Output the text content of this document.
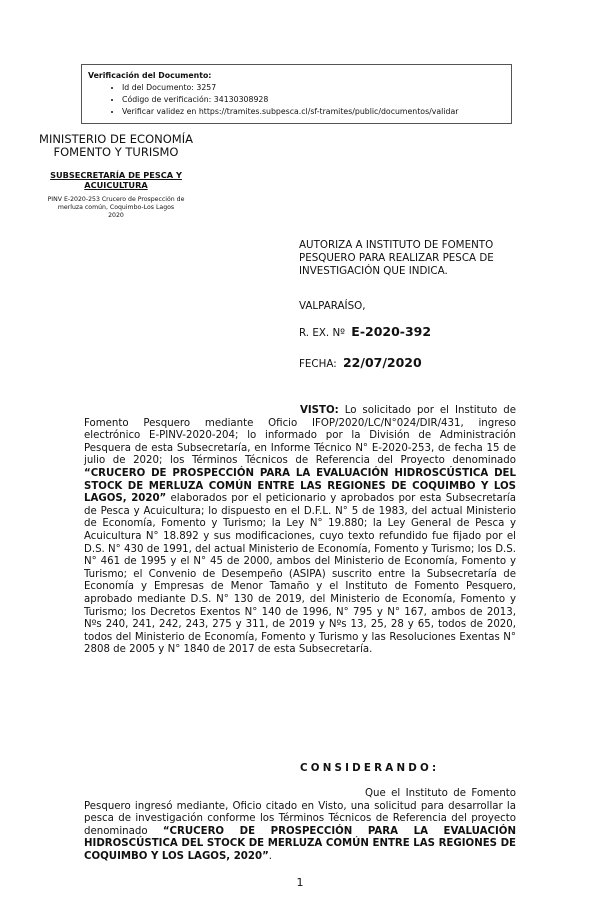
Verificación del Documento:
• Id del Documento: 3257
• Código de verificación: 34130308928
• Verificar validez en https://tramites.subpesca.cl/sf-tramites/public/documentos/validar
MINISTERIO DE ECONOMÍA
FOMENTO Y TURISMO
SUBSECRETARÍA DE PESCA Y
ACUICULTURA
PINV E-2020-253 Crucero de Prospección de
merluza común, Coquimbo-Los Lagos
2020
AUTORIZA A INSTITUTO DE FOMENTO
PESQUERO PARA REALIZAR PESCA DE
INVESTIGACIÓN QUE INDICA.
VALPARAÍSO,
R. EX. Nº E-2020-392
FECHA: 22/07/2020
VISTO: Lo solicitado por el Instituto de Fomento Pesquero mediante Oficio IFOP/2020/LC/N°024/DIR/431, ingreso electrónico E-PINV-2020-204; lo informado por la División de Administración Pesquera de esta Subsecretaría, en Informe Técnico N° E-2020-253, de fecha 15 de julio de 2020; los Términos Técnicos de Referencia del Proyecto denominado “CRUCERO DE PROSPECCIÓN PARA LA EVALUACIÓN HIDROSCÚSTICA DEL STOCK DE MERLUZA COMÚN ENTRE LAS REGIONES DE COQUIMBO Y LOS LAGOS, 2020” elaborados por el peticionario y aprobados por esta Subsecretaría de Pesca y Acuicultura; lo dispuesto en el D.F.L. N° 5 de 1983, del actual Ministerio de Economía, Fomento y Turismo; la Ley N° 19.880; la Ley General de Pesca y Acuicultura N° 18.892 y sus modificaciones, cuyo texto refundido fue fijado por el D.S. N° 430 de 1991, del actual Ministerio de Economía, Fomento y Turismo; los D.S. N° 461 de 1995 y el N° 45 de 2000, ambos del Ministerio de Economía, Fomento y Turismo; el Convenio de Desempeño (ASIPA) suscrito entre la Subsecretaría de Economía y Empresas de Menor Tamaño y el Instituto de Fomento Pesquero, aprobado mediante D.S. N° 130 de 2019, del Ministerio de Economía, Fomento y Turismo; los Decretos Exentos N° 140 de 1996, N° 795 y N° 167, ambos de 2013, Nºs 240, 241, 242, 243, 275 y 311, de 2019 y Nºs 13, 25, 28 y 65, todos de 2020, todos del Ministerio de Economía, Fomento y Turismo y las Resoluciones Exentas N° 2808 de 2005 y N° 1840 de 2017 de esta Subsecretaría.
CONSIDERANDO:
Que el Instituto de Fomento Pesquero ingresó mediante, Oficio citado en Visto, una solicitud para desarrollar la pesca de investigación conforme los Términos Técnicos de Referencia del proyecto denominado “CRUCERO DE PROSPECCIÓN PARA LA EVALUACIÓN HIDROSCÚSTICA DEL STOCK DE MERLUZA COMÚN ENTRE LAS REGIONES DE COQUIMBO Y LOS LAGOS, 2020”.
1
